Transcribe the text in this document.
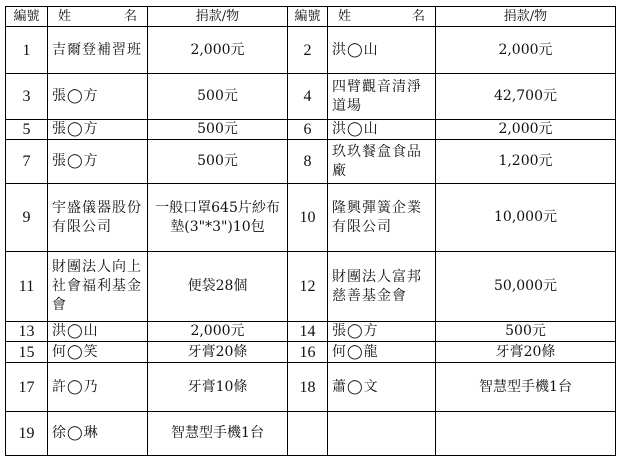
編號	姓 名	捐款/物	編號	姓 名	捐款/物
1	吉爾登補習班	2,000元	2	洪◯山	2,000元
3	張◯方	500元	4	四臂觀音清淨道場	42,700元
5	張◯方	500元	6	洪◯山	2,000元
7	張◯方	500元	8	玖玖餐盒食品廠	1,200元
9	宇盛儀器股份有限公司	一般口罩645片紗布墊(3"*3")10包	10	隆興彈簧企業有限公司	10,000元
11	財團法人向上社會福利基金會	便袋28個	12	財團法人富邦慈善基金會	50,000元
13	洪◯山	2,000元	14	張◯方	500元
15	何◯笑	牙膏20條	16	何◯龍	牙膏20條
17	許◯乃	牙膏10條	18	蕭◯文	智慧型手機1台
19	徐◯琳	智慧型手機1台			
